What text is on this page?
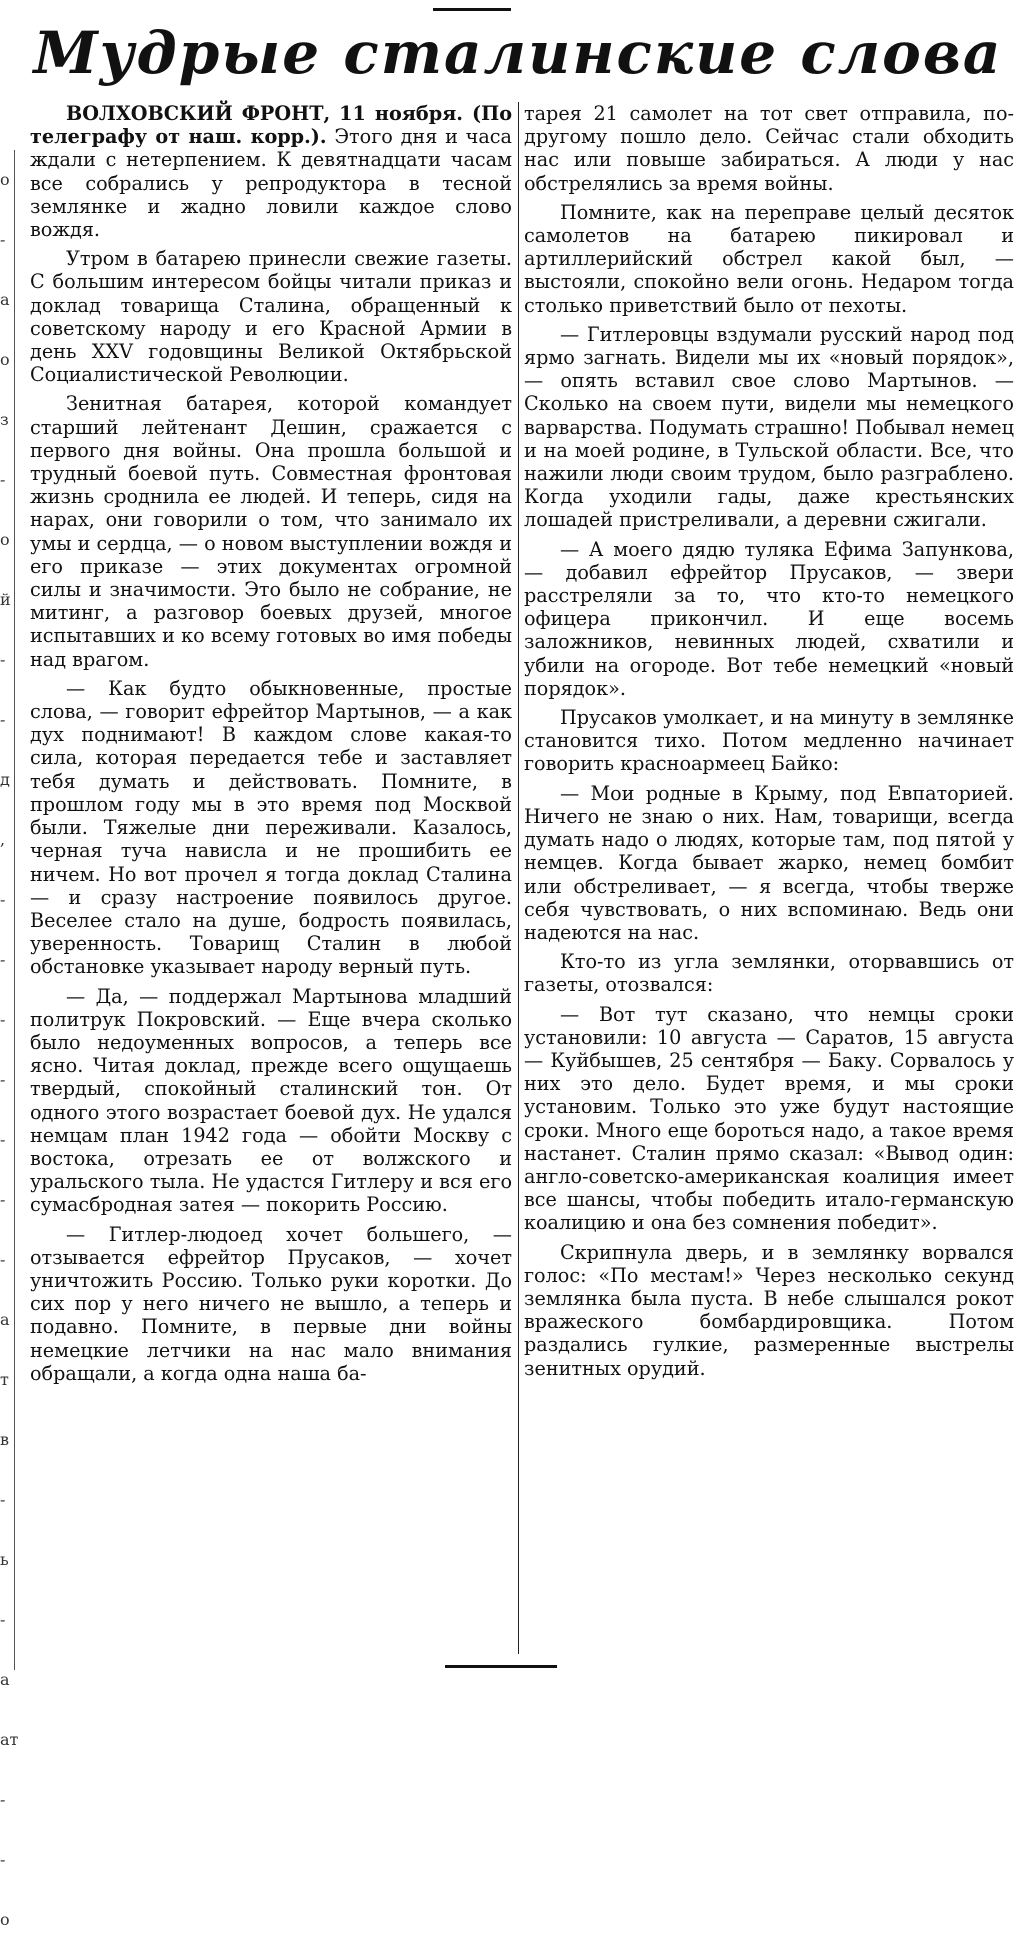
Мудрые сталинские слова
о
-
а
о
з
-
о
й
-
-
д
,
-
-
-
-
-
-
-
а
т
в
-
ь
-
а
ат
-
-
о

ВОЛХОВСКИЙ ФРОНТ, 11 ноября. (По телеграфу от наш. корр.). Этого дня и часа ждали с нетерпением. К девятнадцати часам все собрались у репродуктора в тесной землянке и жадно ловили каждое слово вождя.

Утром в батарею принесли свежие газеты. С большим интересом бойцы читали приказ и доклад товарища Сталина, обращенный к советскому народу и его Красной Армии в день XXV годовщины Великой Октябрьской Социалистической Революции.

Зенитная батарея, которой командует старший лейтенант Дешин, сражается с первого дня войны. Она прошла большой и трудный боевой путь. Совместная фронтовая жизнь сроднила ее людей. И теперь, сидя на нарах, они говорили о том, что занимало их умы и сердца, — о новом выступлении вождя и его приказе — этих документах огромной силы и значимости. Это было не собрание, не митинг, а разговор боевых друзей, многое испытавших и ко всему готовых во имя победы над врагом.

— Как будто обыкновенные, простые слова, — говорит ефрейтор Мартынов, — а как дух поднимают! В каждом слове какая-то сила, которая передается тебе и заставляет тебя думать и действовать. Помните, в прошлом году мы в это время под Москвой были. Тяжелые дни переживали. Казалось, черная туча нависла и не прошибить ее ничем. Но вот прочел я тогда доклад Сталина — и сразу настроение появилось другое. Веселее стало на душе, бодрость появилась, уверенность. Товарищ Сталин в любой обстановке указывает народу верный путь.

— Да, — поддержал Мартынова младший политрук Покровский. — Еще вчера сколько было недоуменных вопросов, а теперь все ясно. Читая доклад, прежде всего ощущаешь твердый, спокойный сталинский тон. От одного этого возрастает боевой дух. Не удался немцам план 1942 года — обойти Москву с востока, отрезать ее от волжского и уральского тыла. Не удастся Гитлеру и вся его сумасбродная затея — покорить Россию.

— Гитлер-людоед хочет большего, — отзывается ефрейтор Прусаков, — хочет уничтожить Россию. Только руки коротки. До сих пор у него ничего не вышло, а теперь и подавно. Помните, в первые дни войны немецкие летчики на нас мало внимания обращали, а когда одна наша ба-

тарея 21 самолет на тот свет отправила, по-другому пошло дело. Сейчас стали обходить нас или повыше забираться. А люди у нас обстрелялись за время войны.

Помните, как на переправе целый десяток самолетов на батарею пикировал и артиллерийский обстрел какой был, — выстояли, спокойно вели огонь. Недаром тогда столько приветствий было от пехоты.

— Гитлеровцы вздумали русский народ под ярмо загнать. Видели мы их «новый порядок», — опять вставил свое слово Мартынов. — Сколько на своем пути, видели мы немецкого варварства. Подумать страшно! Побывал немец и на моей родине, в Тульской области. Все, что нажили люди своим трудом, было разграблено. Когда уходили гады, даже крестьянских лошадей пристреливали, а деревни сжигали.

— А моего дядю туляка Ефима Запункова, — добавил ефрейтор Прусаков, — звери расстреляли за то, что кто-то немецкого офицера прикончил. И еще восемь заложников, невинных людей, схватили и убили на огороде. Вот тебе немецкий «новый порядок».

Прусаков умолкает, и на минуту в землянке становится тихо. Потом медленно начинает говорить красноармеец Байко:

— Мои родные в Крыму, под Евпаторией. Ничего не знаю о них. Нам, товарищи, всегда думать надо о людях, которые там, под пятой у немцев. Когда бывает жарко, немец бомбит или обстреливает, — я всегда, чтобы тверже себя чувствовать, о них вспоминаю. Ведь они надеются на нас.

Кто-то из угла землянки, оторвавшись от газеты, отозвался:

— Вот тут сказано, что немцы сроки установили: 10 августа — Саратов, 15 августа — Куйбышев, 25 сентября — Баку. Сорвалось у них это дело. Будет время, и мы сроки установим. Только это уже будут настоящие сроки. Много еще бороться надо, а такое время настанет. Сталин прямо сказал: «Вывод один: англо-советско-американская коалиция имеет все шансы, чтобы победить итало-германскую коалицию и она без сомнения победит».

Скрипнула дверь, и в землянку ворвался голос: «По местам!» Через несколько секунд землянка была пуста. В небе слышался рокот вражеского бомбардировщика. Потом раздались гулкие, размеренные выстрелы зенитных орудий.
